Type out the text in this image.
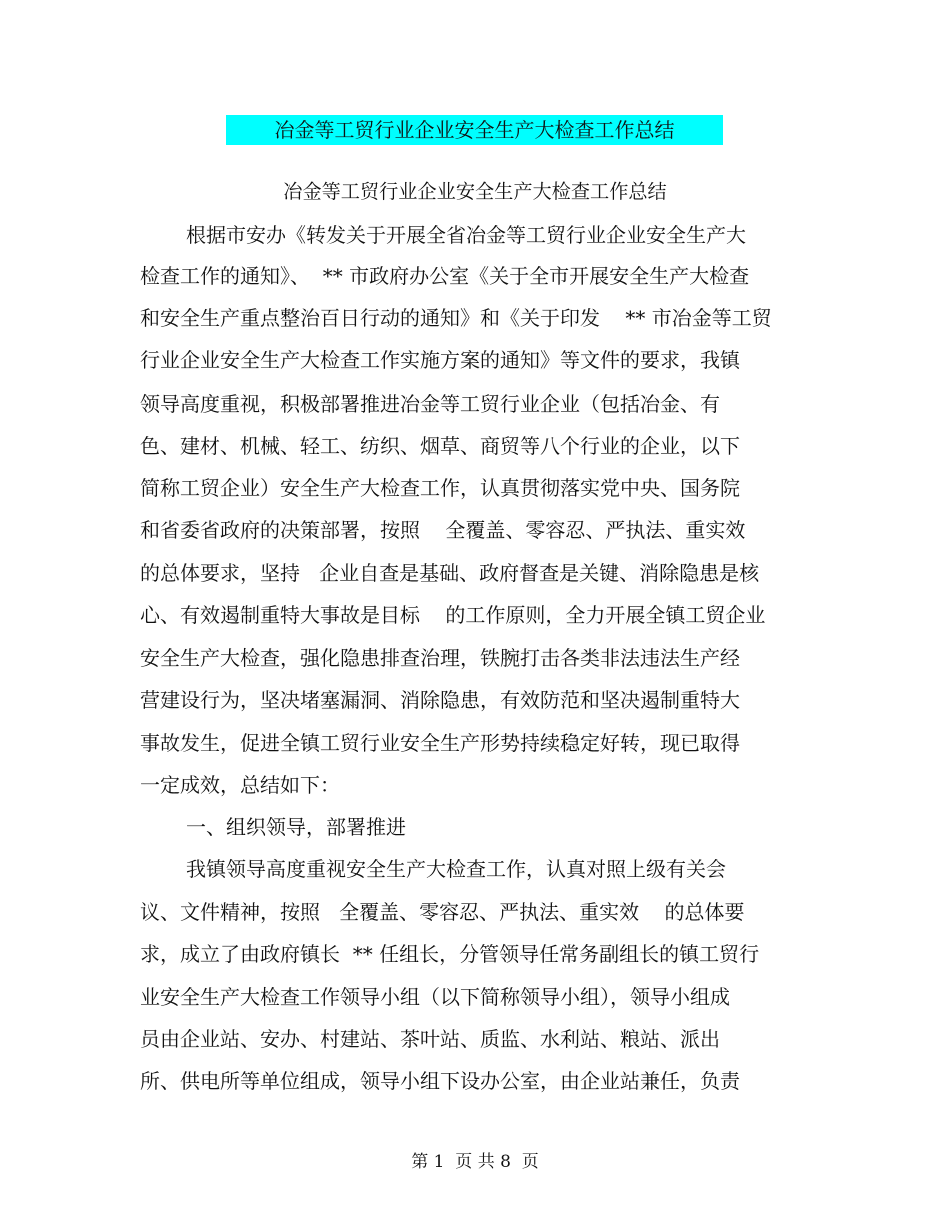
冶金等工贸行业企业安全生产大检查工作总结
冶金等工贸行业企业安全生产大检查工作总结
根据市安办《转发关于开展全省冶金等工贸行业企业安全生产大
检查工作的通知》、  ** 市政府办公室《关于全市开展安全生产大检查
和安全生产重点整治百日行动的通知》和《关于印发    ** 市冶金等工贸
行业企业安全生产大检查工作实施方案的通知》等文件的要求，我镇
领导高度重视，积极部署推进冶金等工贸行业企业（包括冶金、有
色、建材、机械、轻工、纺织、烟草、商贸等八个行业的企业，以下
简称工贸企业）安全生产大检查工作，认真贯彻落实党中央、国务院
和省委省政府的决策部署，按照    全覆盖、零容忍、严执法、重实效
的总体要求，坚持   企业自查是基础、政府督查是关键、消除隐患是核
心、有效遏制重特大事故是目标    的工作原则，全力开展全镇工贸企业
安全生产大检查，强化隐患排查治理，铁腕打击各类非法违法生产经
营建设行为，坚决堵塞漏洞、消除隐患，有效防范和坚决遏制重特大
事故发生，促进全镇工贸行业安全生产形势持续稳定好转，现已取得
一定成效，总结如下：
一、组织领导，部署推进
我镇领导高度重视安全生产大检查工作，认真对照上级有关会
议、文件精神，按照   全覆盖、零容忍、严执法、重实效    的总体要
求，成立了由政府镇长  ** 任组长，分管领导任常务副组长的镇工贸行
业安全生产大检查工作领导小组（以下简称领导小组），领导小组成
员由企业站、安办、村建站、茶叶站、质监、水利站、粮站、派出
所、供电所等单位组成，领导小组下设办公室，由企业站兼任，负责
第 1  页 共 8  页
